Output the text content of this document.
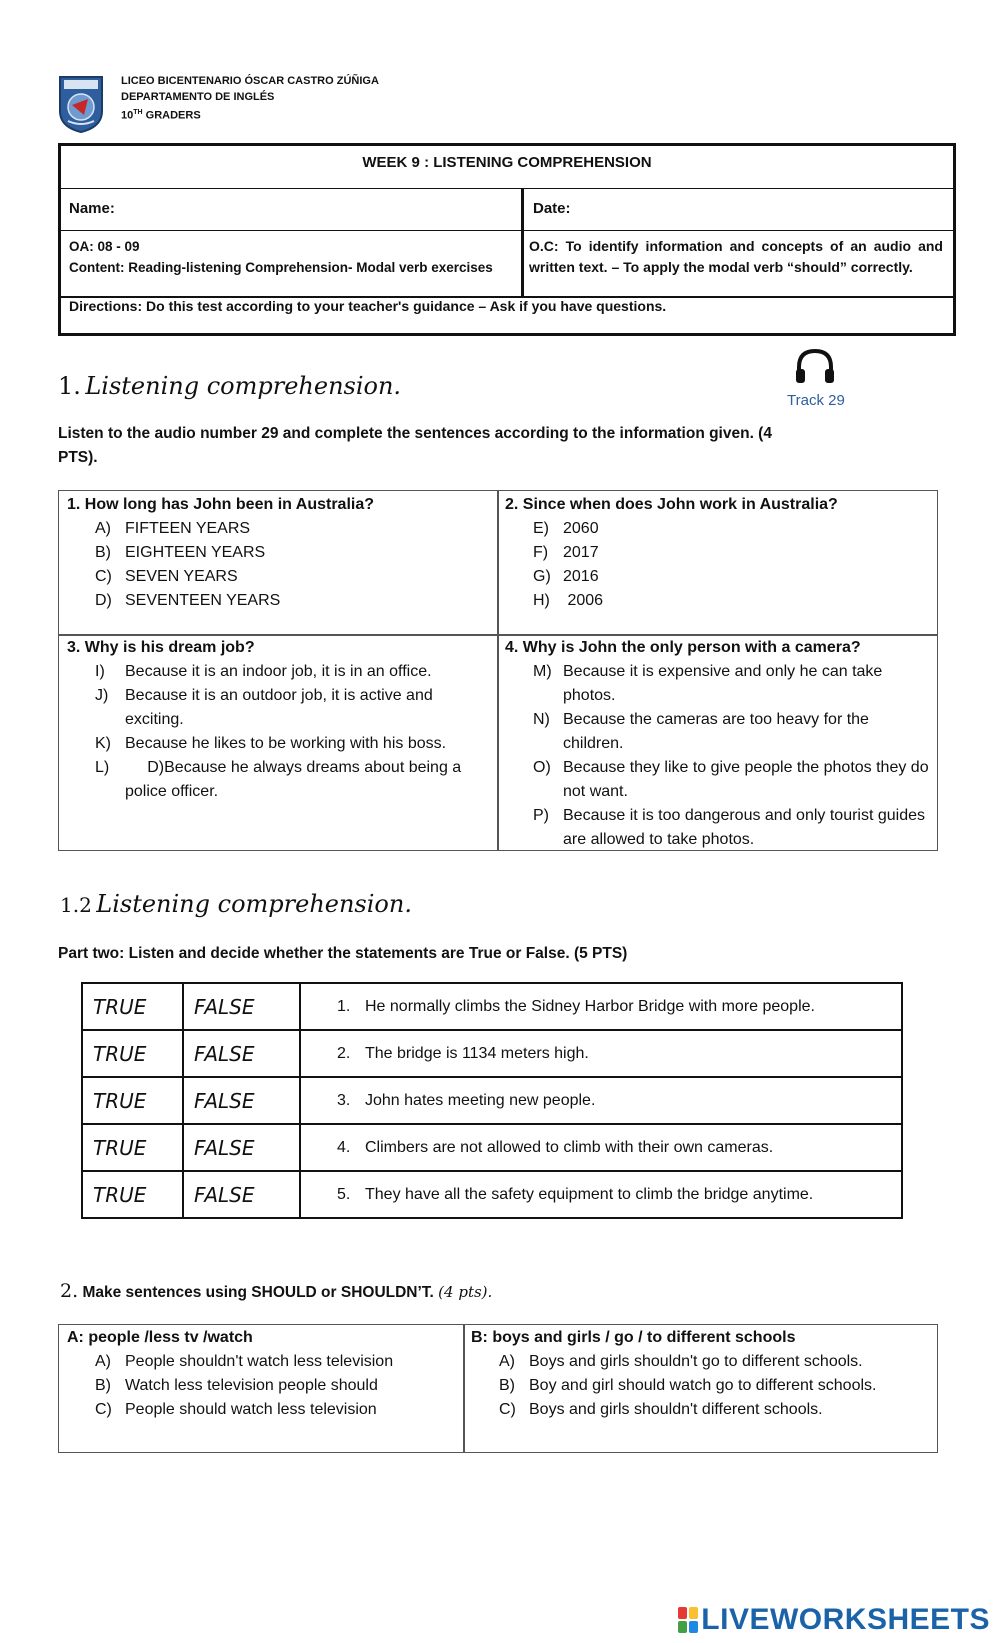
LICEO BICENTENARIO ÓSCAR CASTRO ZÚÑIGA
DEPARTAMENTO DE INGLÉS
10TH GRADERS
WEEK 9 : LISTENING COMPREHENSION
Name:	Date:
OA: 08 - 09
Content: Reading-listening Comprehension- Modal verb exercises
O.C: To identify information and concepts of an audio and written text. – To apply the modal verb “should” correctly.
Directions: Do this test according to your teacher's guidance – Ask if you have questions.
1. Listening comprehension.
Track 29
Listen to the audio number 29 and complete the sentences according to the information given. (4 PTS).
1. How long has John been in Australia?
A) FIFTEEN YEARS
B) EIGHTEEN YEARS
C) SEVEN YEARS
D) SEVENTEEN YEARS
2. Since when does John work in Australia?
E) 2060
F) 2017
G) 2016
H) 2006
3. Why is his dream job?
I)	Because it is an indoor job, it is in an office.
J)	Because it is an outdoor job, it is active and exciting.
K) Because he likes to be working with his boss.
L) D)Because he always dreams about being a police officer.
4. Why is John the only person with a camera?
M) Because it is expensive and only he can take photos.
N) Because the cameras are too heavy for the children.
O) Because they like to give people the photos they do not want.
P) Because it is too dangerous and only tourist guides are allowed to take photos.
1.2 Listening comprehension.
Part two: Listen and decide whether the statements are True or False. (5 PTS)
TRUE	FALSE	1. He normally climbs the Sidney Harbor Bridge with more people.
TRUE	FALSE	2. The bridge is 1134 meters high.
TRUE	FALSE	3. John hates meeting new people.
TRUE	FALSE	4. Climbers are not allowed to climb with their own cameras.
TRUE	FALSE	5. They have all the safety equipment to climb the bridge anytime.
2. Make sentences using SHOULD or SHOULDN’T. (4 pts).
A: people /less tv /watch
A) People shouldn't watch less television
B) Watch less television people should
C) People should watch less television
B: boys and girls / go / to different schools
A) Boys and girls shouldn't go to different schools.
B) Boy and girl should watch go to different schools.
C) Boys and girls shouldn't different schools.
LIVEWORKSHEETS
